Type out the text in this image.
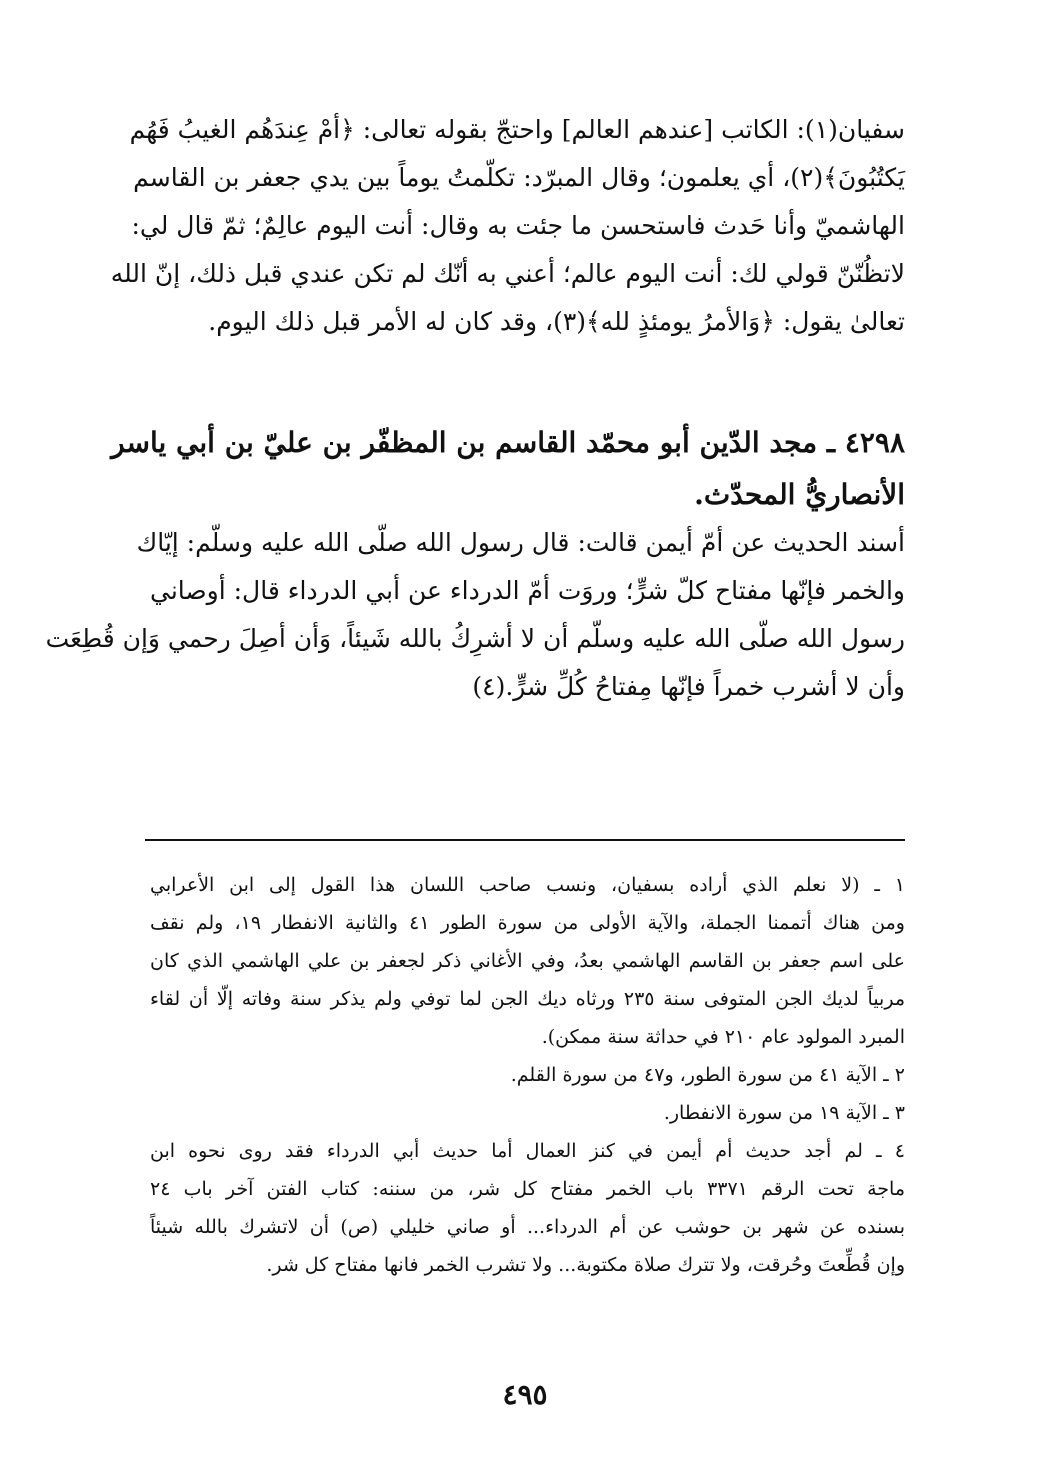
سفيان(١): الكاتب [عندهم العالم] واحتجّ بقوله تعالى: ﴿أمْ عِندَهُم الغيبُ فَهُم
يَكتُبُونَ﴾(٢)، أي يعلمون؛ وقال المبرّد: تكلّمتُ يوماً بين يدي جعفر بن القاسم
الهاشميّ وأنا حَدث فاستحسن ما جئت به وقال: أنت اليوم عالِمٌ؛ ثمّ قال لي:
لاتظُنّنّ قولي لك: أنت اليوم عالم؛ أعني به أنّك لم تكن عندي قبل ذلك، إنّ الله
تعالىٰ يقول: ﴿وَالأمرُ يومئذٍ لله﴾(٣)، وقد كان له الأمر قبل ذلك اليوم.
٤٢٩٨ ـ مجد الدّين أبو محمّد القاسم بن المظفّر بن عليّ بن أبي ياسر
الأنصاريُّ المحدّث.
أسند الحديث عن أمّ أيمن قالت: قال رسول الله صلّى الله عليه وسلّم: إيّاك
والخمر فإنّها مفتاح كلّ شرٍّ؛ وروَت أمّ الدرداء عن أبي الدرداء قال: أوصاني
رسول الله صلّى الله عليه وسلّم أن لا أشرِكُ بالله شَيئاً، وَأن أصِلَ رحمي وَإن قُطِعَت
وأن لا أشرب خمراً فإنّها مِفتاحُ كُلِّ شرٍّ.(٤)
١ ـ (لا نعلم الذي أراده بسفيان، ونسب صاحب اللسان هذا القول إلى ابن الأعرابي
ومن هناك أتممنا الجملة، والآية الأولى من سورة الطور ٤١ والثانية الانفطار ١٩، ولم نقف
على اسم جعفر بن القاسم الهاشمي بعدُ، وفي الأغاني ذكر لجعفر بن علي الهاشمي الذي كان
مربياً لديك الجن المتوفى سنة ٢٣٥ ورثاه ديك الجن لما توفي ولم يذكر سنة وفاته إلّا أن لقاء
المبرد المولود عام ٢١٠ في حداثة سنة ممكن).
٢ ـ الآية ٤١ من سورة الطور، و٤٧ من سورة القلم.
٣ ـ الآية ١٩ من سورة الانفطار.
٤ ـ لم أجد حديث أم أيمن في كنز العمال أما حديث أبي الدرداء فقد روى نحوه ابن
ماجة تحت الرقم ٣٣٧١ باب الخمر مفتاح كل شر، من سننه: كتاب الفتن آخر باب ٢٤
بسنده عن شهر بن حوشب عن أم الدرداء... أو صاني خليلي (ص) أن لاتشرك بالله شيئاً
وإن قُطِّعتَ وحُرقت، ولا تترك صلاة مكتوبة... ولا تشرب الخمر فانها مفتاح كل شر.
٤٩٥
